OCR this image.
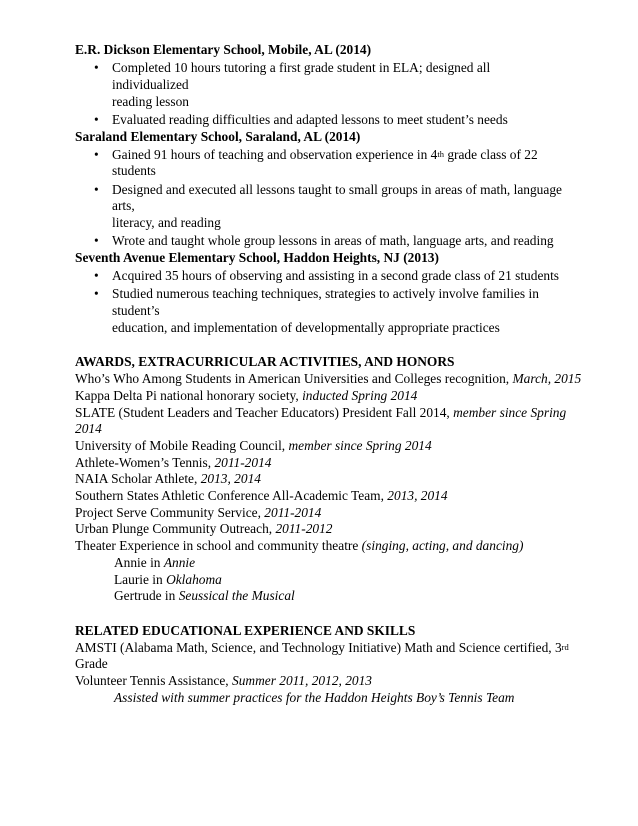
E.R. Dickson Elementary School, Mobile, AL (2014)
• Completed 10 hours tutoring a first grade student in ELA; designed all individualized
reading lesson
• Evaluated reading difficulties and adapted lessons to meet student’s needs
Saraland Elementary School, Saraland, AL (2014)
• Gained 91 hours of teaching and observation experience in 4th grade class of 22 students
• Designed and executed all lessons taught to small groups in areas of math, language arts,
literacy, and reading
• Wrote and taught whole group lessons in areas of math, language arts, and reading
Seventh Avenue Elementary School, Haddon Heights, NJ (2013)
• Acquired 35 hours of observing and assisting in a second grade class of 21 students
• Studied numerous teaching techniques, strategies to actively involve families in student’s
education, and implementation of developmentally appropriate practices
AWARDS, EXTRACURRICULAR ACTIVITIES, AND HONORS
Who’s Who Among Students in American Universities and Colleges recognition, March, 2015
Kappa Delta Pi national honorary society, inducted Spring 2014
SLATE (Student Leaders and Teacher Educators) President Fall 2014, member since Spring
2014
University of Mobile Reading Council, member since Spring 2014
Athlete-Women’s Tennis, 2011-2014
NAIA Scholar Athlete, 2013, 2014
Southern States Athletic Conference All-Academic Team, 2013, 2014
Project Serve Community Service, 2011-2014
Urban Plunge Community Outreach, 2011-2012
Theater Experience in school and community theatre (singing, acting, and dancing)
Annie in Annie
Laurie in Oklahoma
Gertrude in Seussical the Musical
RELATED EDUCATIONAL EXPERIENCE AND SKILLS
AMSTI (Alabama Math, Science, and Technology Initiative) Math and Science certified, 3rd
Grade
Volunteer Tennis Assistance, Summer 2011, 2012, 2013
Assisted with summer practices for the Haddon Heights Boy’s Tennis Team
